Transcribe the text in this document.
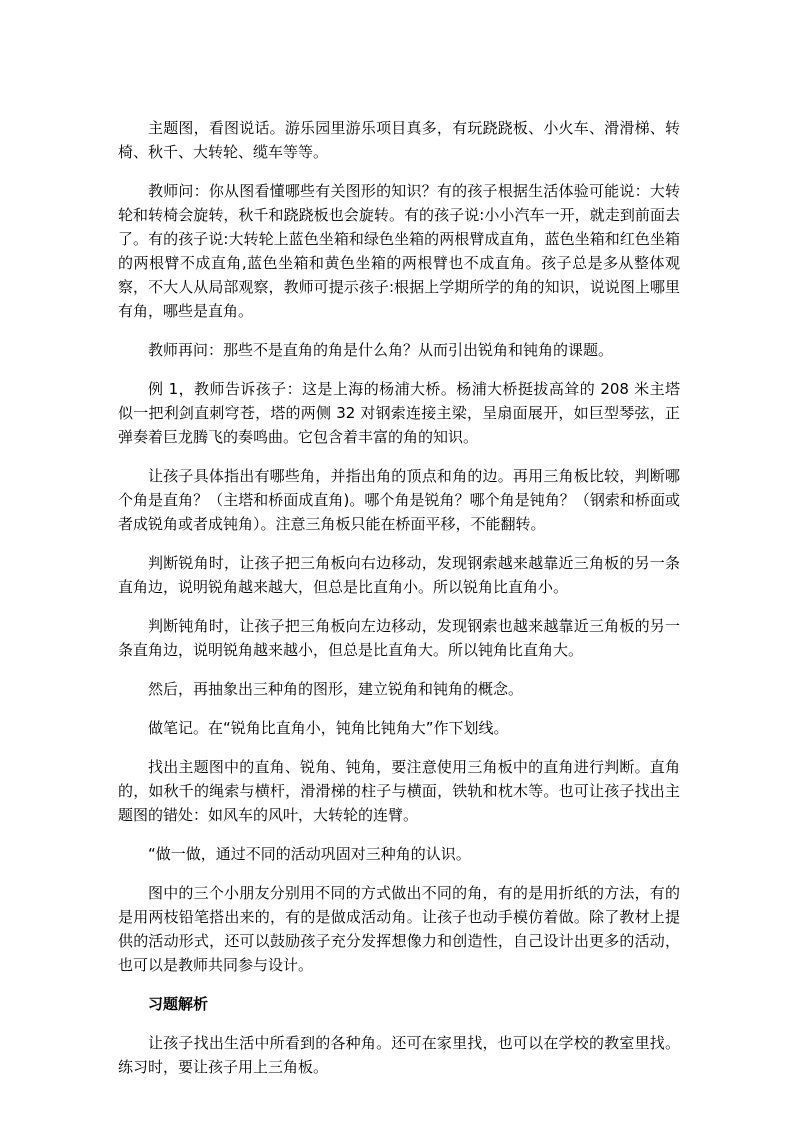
主题图，看图说话。游乐园里游乐项目真多，有玩跷跷板、小火车、滑滑梯、转椅、秋千、大转轮、缆车等等。

教师问：你从图看懂哪些有关图形的知识？有的孩子根据生活体验可能说：大转轮和转椅会旋转，秋千和跷跷板也会旋转。有的孩子说:小小汽车一开，就走到前面去了。有的孩子说:大转轮上蓝色坐箱和绿色坐箱的两根臂成直角，蓝色坐箱和红色坐箱的两根臂不成直角,蓝色坐箱和黄色坐箱的两根臂也不成直角。孩子总是多从整体观察，不大人从局部观察，教师可提示孩子:根据上学期所学的角的知识，说说图上哪里有角，哪些是直角。

教师再问：那些不是直角的角是什么角？从而引出锐角和钝角的课题。

例 1，教师告诉孩子：这是上海的杨浦大桥。杨浦大桥挺拔高耸的 208 米主塔似一把利剑直刺穹苍，塔的两侧 32 对钢索连接主梁，呈扇面展开，如巨型琴弦，正弹奏着巨龙腾飞的奏鸣曲。它包含着丰富的角的知识。

让孩子具体指出有哪些角，并指出角的顶点和角的边。再用三角板比较，判断哪个角是直角？（主塔和桥面成直角)。哪个角是锐角？哪个角是钝角？（钢索和桥面或者成锐角或者成钝角）。注意三角板只能在桥面平移，不能翻转。

判断锐角时，让孩子把三角板向右边移动，发现钢索越来越靠近三角板的另一条直角边，说明锐角越来越大，但总是比直角小。所以锐角比直角小。

判断钝角时，让孩子把三角板向左边移动，发现钢索也越来越靠近三角板的另一条直角边，说明锐角越来越小，但总是比直角大。所以钝角比直角大。

然后，再抽象出三种角的图形，建立锐角和钝角的概念。

做笔记。在“锐角比直角小，钝角比钝角大”作下划线。

找出主题图中的直角、锐角、钝角，要注意使用三角板中的直角进行判断。直角的，如秋千的绳索与横杆，滑滑梯的柱子与横面，铁轨和枕木等。也可让孩子找出主题图的错处：如风车的风叶，大转轮的连臂。

“做一做，通过不同的活动巩固对三种角的认识。

图中的三个小朋友分别用不同的方式做出不同的角，有的是用折纸的方法，有的是用两枝铅笔搭出来的，有的是做成活动角。让孩子也动手模仿着做。除了教材上提供的活动形式，还可以鼓励孩子充分发挥想像力和创造性，自己设计出更多的活动，也可以是教师共同参与设计。

习题解析

让孩子找出生活中所看到的各种角。还可在家里找，也可以在学校的教室里找。练习时，要让孩子用上三角板。
